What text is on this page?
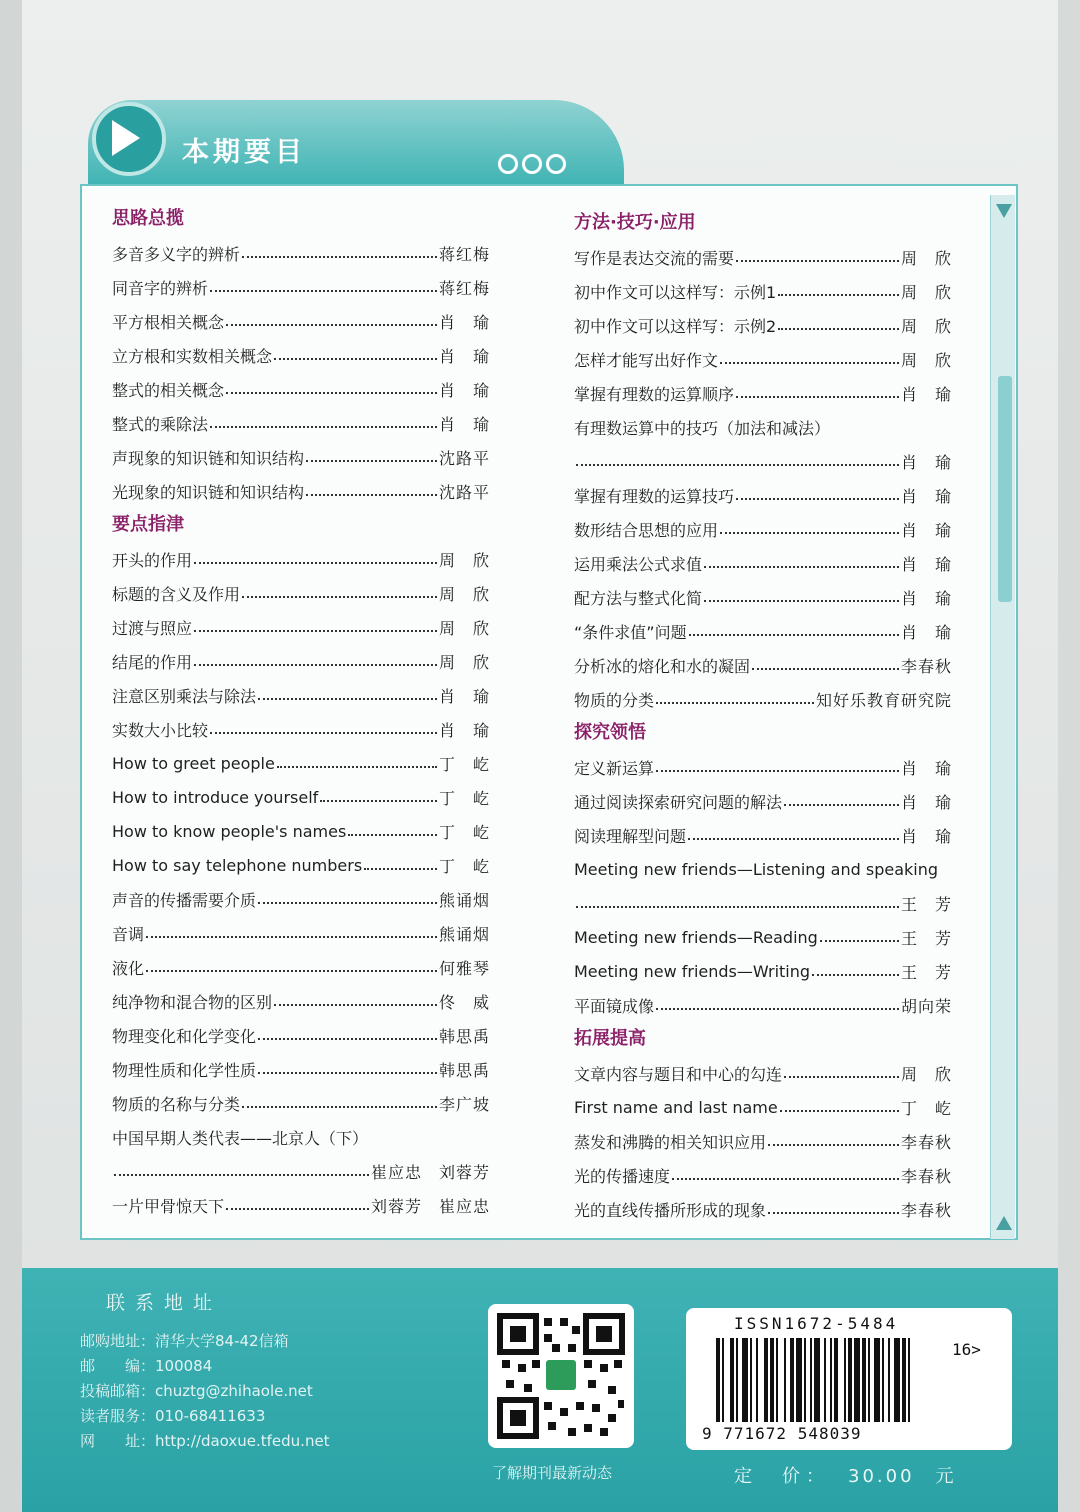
本期要目
思路总揽
多音多义字的辨析	蒋红梅
同音字的辨析	蒋红梅
平方根相关概念	肖　瑜
立方根和实数相关概念	肖　瑜
整式的相关概念	肖　瑜
整式的乘除法	肖　瑜
声现象的知识链和知识结构	沈路平
光现象的知识链和知识结构	沈路平
要点指津
开头的作用	周　欣
标题的含义及作用	周　欣
过渡与照应	周　欣
结尾的作用	周　欣
注意区别乘法与除法	肖　瑜
实数大小比较	肖　瑜
How to greet people	丁　屹
How to introduce yourself	丁　屹
How to know people's names	丁　屹
How to say telephone numbers	丁　屹
声音的传播需要介质	熊诵烟
音调	熊诵烟
液化	何雅琴
纯净物和混合物的区别	佟　威
物理变化和化学变化	韩思禹
物理性质和化学性质	韩思禹
物质的名称与分类	李广坡
中国早期人类代表——北京人（下）
崔应忠　刘蓉芳
一片甲骨惊天下	刘蓉芳　崔应忠
方法·技巧·应用
写作是表达交流的需要	周　欣
初中作文可以这样写：示例1	周　欣
初中作文可以这样写：示例2	周　欣
怎样才能写出好作文	周　欣
掌握有理数的运算顺序	肖　瑜
有理数运算中的技巧（加法和减法）
肖　瑜
掌握有理数的运算技巧	肖　瑜
数形结合思想的应用	肖　瑜
运用乘法公式求值	肖　瑜
配方法与整式化简	肖　瑜
“条件求值”问题	肖　瑜
分析冰的熔化和水的凝固	李春秋
物质的分类	知好乐教育研究院
探究领悟
定义新运算	肖　瑜
通过阅读探索研究问题的解法	肖　瑜
阅读理解型问题	肖　瑜
Meeting new friends—Listening and speaking
王　芳
Meeting new friends—Reading	王　芳
Meeting new friends—Writing	王　芳
平面镜成像	胡向荣
拓展提高
文章内容与题目和中心的勾连	周　欣
First name and last name	丁　屹
蒸发和沸腾的相关知识应用	李春秋
光的传播速度	李春秋
光的直线传播所形成的现象	李春秋
联系地址
邮购地址：清华大学84-42信箱
邮　　编：100084
投稿邮箱：chuztg@zhihaole.net
读者服务：010-68411633
网　　址：http://daoxue.tfedu.net
了解期刊最新动态
ISSN1672-5484
16>
9 771672 548039
定　价： 30.00　元
